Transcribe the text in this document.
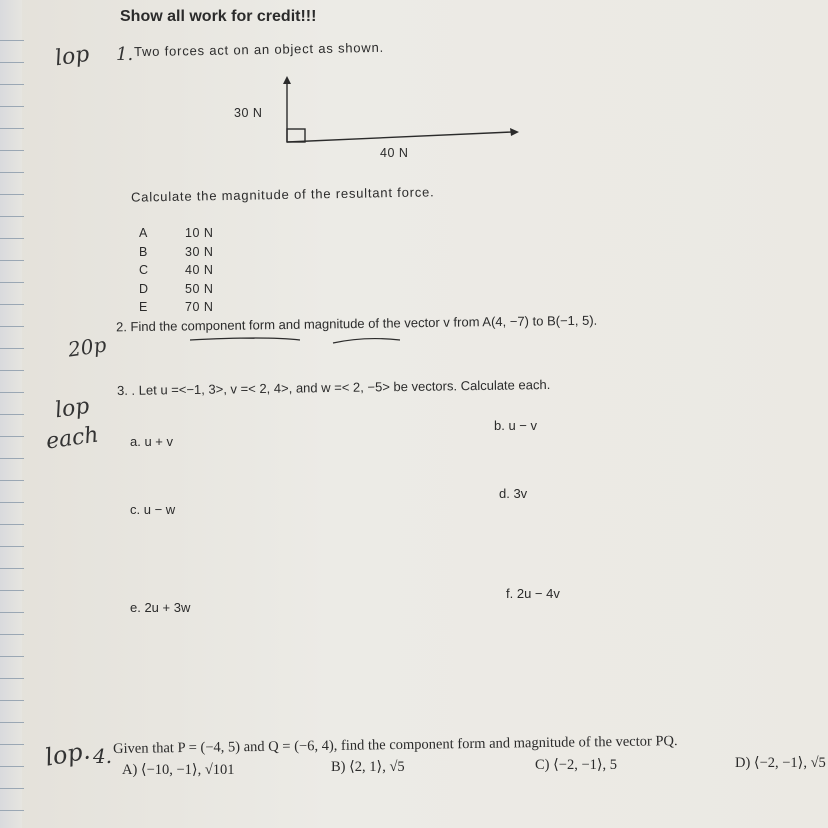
Show all work for credit!!!
lop
20p
lop
each
lop.
1. Two forces act on an object as shown.
30 N
40 N
Calculate the magnitude of the resultant force.
A	10 N
B	30 N
C	40 N
D	50 N
E	70 N
2. Find the component form and magnitude of the vector v from A(4, −7) to B(−1, 5).
3. . Let u =<−1, 3>, v =< 2, 4>, and w =< 2, −5> be vectors. Calculate each.
a. u + v
b. u − v
c. u − w
d. 3v
e. 2u + 3w
f. 2u − 4v
4. Given that P = (−4, 5) and Q = (−6, 4), find the component form and magnitude of the vector PQ.
A) ⟨−10, −1⟩, √101	B) ⟨2, 1⟩, √5	C) ⟨−2, −1⟩, 5	D) ⟨−2, −1⟩, √5
